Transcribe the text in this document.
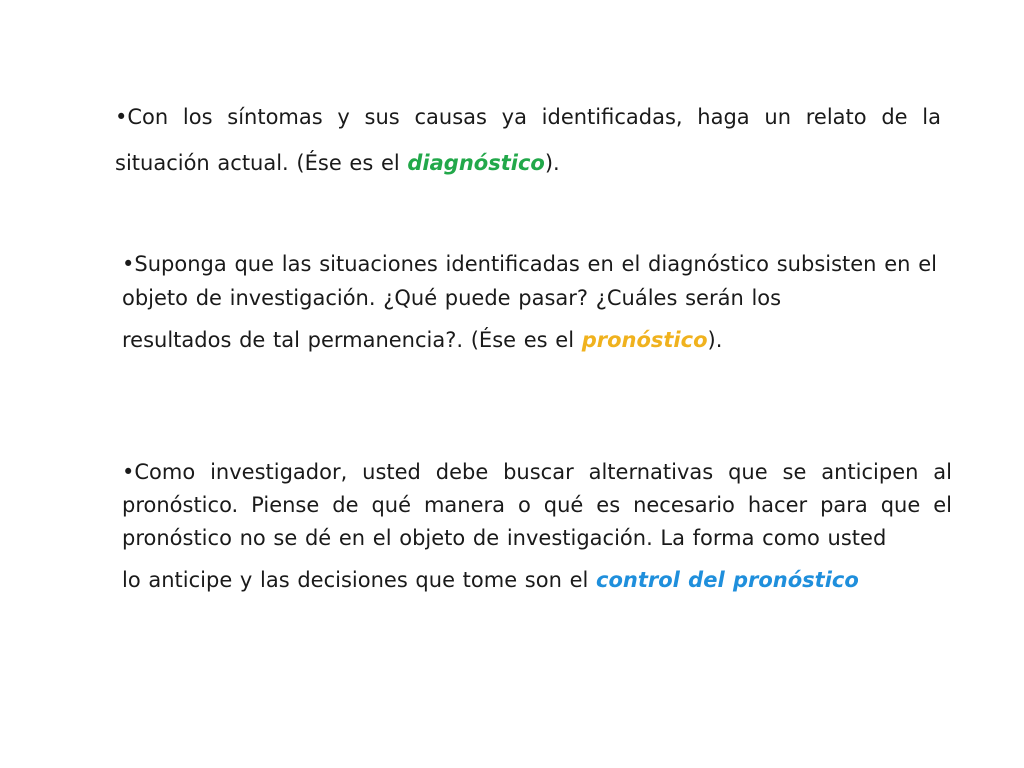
•Con los síntomas y sus causas ya identificadas, haga un relato de la situación actual. (Ése es el diagnóstico).

•Suponga que las situaciones identificadas en el diagnóstico subsisten en el objeto de investigación. ¿Qué puede pasar? ¿Cuáles serán los
resultados de tal permanencia?. (Ése es el pronóstico).

•Como investigador, usted debe buscar alternativas que se anticipen al pronóstico. Piense de qué manera o qué es necesario hacer para que el pronóstico no se dé en el objeto de investigación. La forma como usted
lo anticipe y las decisiones que tome son el control del pronóstico
